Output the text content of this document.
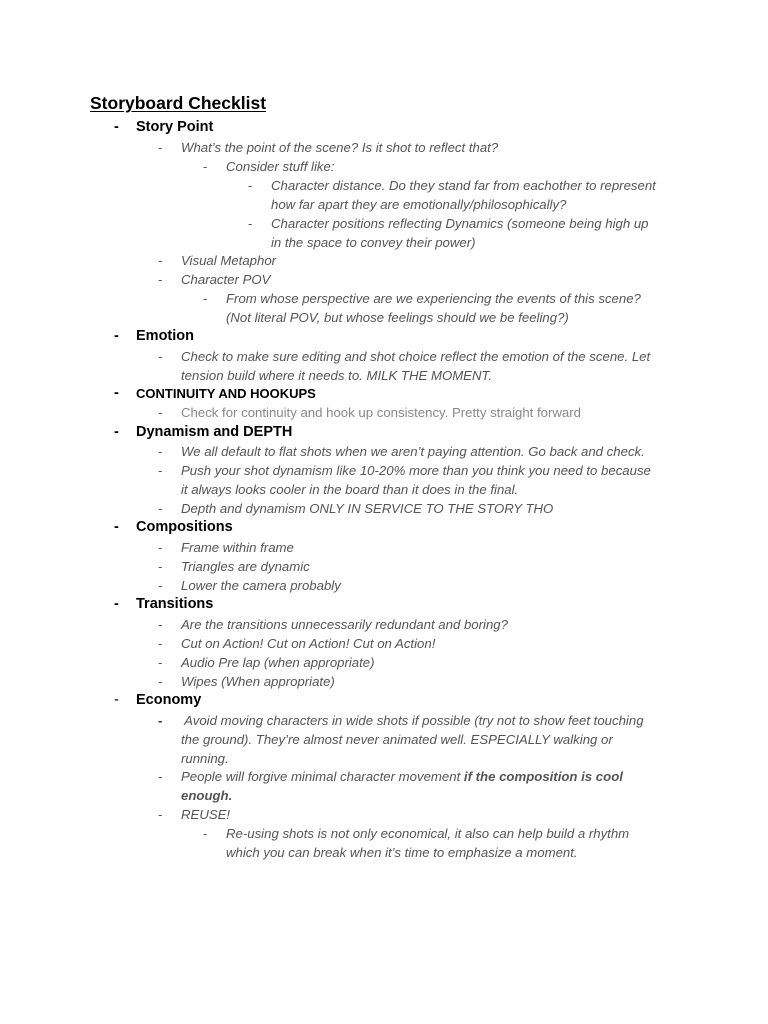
Storyboard Checklist
- Story Point
- What’s the point of the scene? Is it shot to reflect that?
- Consider stuff like:
- Character distance. Do they stand far from eachother to represent
how far apart they are emotionally/philosophically?
- Character positions reflecting Dynamics (someone being high up
in the space to convey their power)
- Visual Metaphor
- Character POV
- From whose perspective are we experiencing the events of this scene?
(Not literal POV, but whose feelings should we be feeling?)
- Emotion
- Check to make sure editing and shot choice reflect the emotion of the scene. Let
tension build where it needs to. MILK THE MOMENT.
- CONTINUITY AND HOOKUPS
- Check for continuity and hook up consistency. Pretty straight forward
- Dynamism and DEPTH
- We all default to flat shots when we aren’t paying attention. Go back and check.
- Push your shot dynamism like 10-20% more than you think you need to because
it always looks cooler in the board than it does in the final.
- Depth and dynamism ONLY IN SERVICE TO THE STORY THO
- Compositions
- Frame within frame
- Triangles are dynamic
- Lower the camera probably
- Transitions
- Are the transitions unnecessarily redundant and boring?
- Cut on Action! Cut on Action! Cut on Action!
- Audio Pre lap (when appropriate)
- Wipes (When appropriate)
- Economy
- Avoid moving characters in wide shots if possible (try not to show feet touching
the ground). They’re almost never animated well. ESPECIALLY walking or
running.
- People will forgive minimal character movement if the composition is cool
enough.
- REUSE!
- Re-using shots is not only economical, it also can help build a rhythm
which you can break when it’s time to emphasize a moment.
